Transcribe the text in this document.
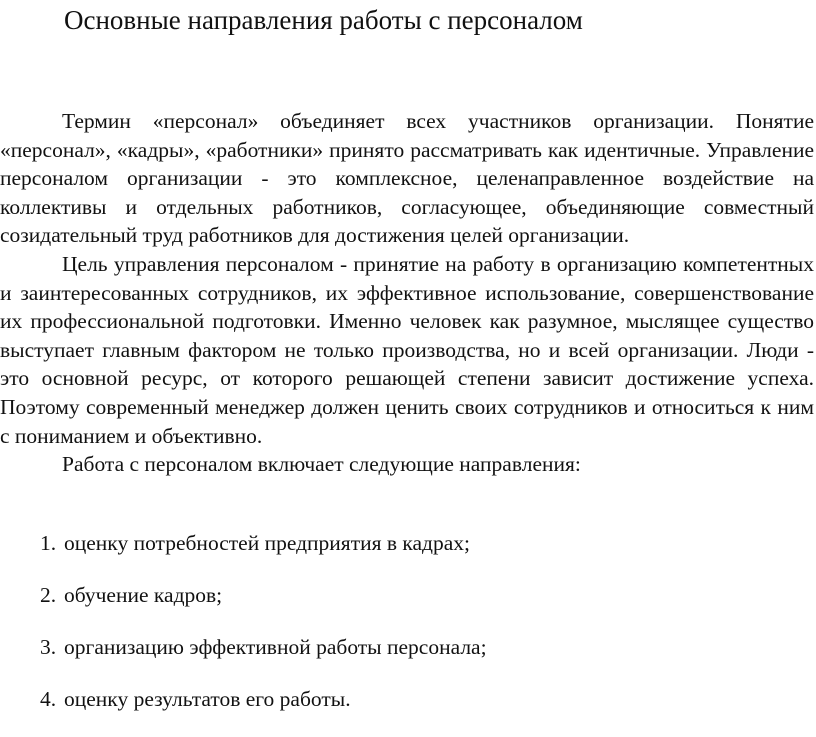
Основные направления работы с персоналом

Термин «персонал» объединяет всех участников организации. Понятие «персонал», «кадры», «работники» принято рассматривать как идентичные. Управление персоналом организации - это комплексное, целенаправленное воздействие на коллективы и отдельных работников, согласующее, объединяющие совместный созидательный труд работников для достижения целей организации.

Цель управления персоналом - принятие на работу в организацию компетентных и заинтересованных сотрудников, их эффективное использование, совершенствование их профессиональной подготовки. Именно человек как разумное, мыслящее существо выступает главным фактором не только производства, но и всей организации. Люди - это основной ресурс, от которого решающей степени зависит достижение успеха. Поэтому современный менеджер должен ценить своих сотрудников и относиться к ним с пониманием и объективно.

Работа с персоналом включает следующие направления:

1. оценку потребностей предприятия в кадрах;
2. обучение кадров;
3. организацию эффективной работы персонала;
4. оценку результатов его работы.
